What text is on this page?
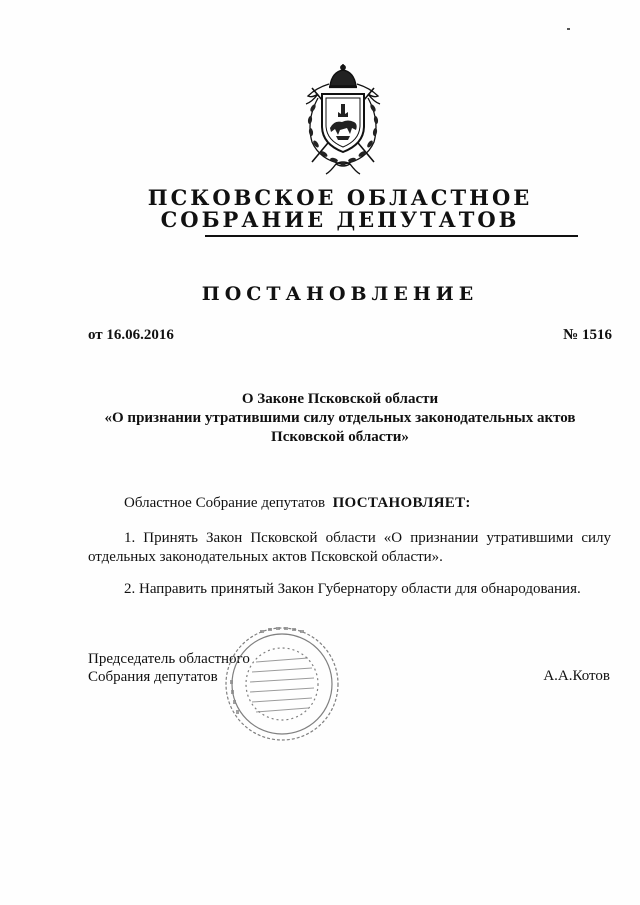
ПСКОВСКОЕ ОБЛАСТНОЕ
СОБРАНИЕ ДЕПУТАТОВ
ПОСТАНОВЛЕНИЕ
от 16.06.2016	№ 1516
О Законе Псковской области
«О признании утратившими силу отдельных законодательных актов
Псковской области»
Областное Собрание депутатов ПОСТАНОВЛЯЕТ:
1. Принять Закон Псковской области «О признании утратившими силу отдельных законодательных актов Псковской области».
2. Направить принятый Закон Губернатору области для обнародования.
Председатель областного
Собрания депутатов	А.А.Котов
